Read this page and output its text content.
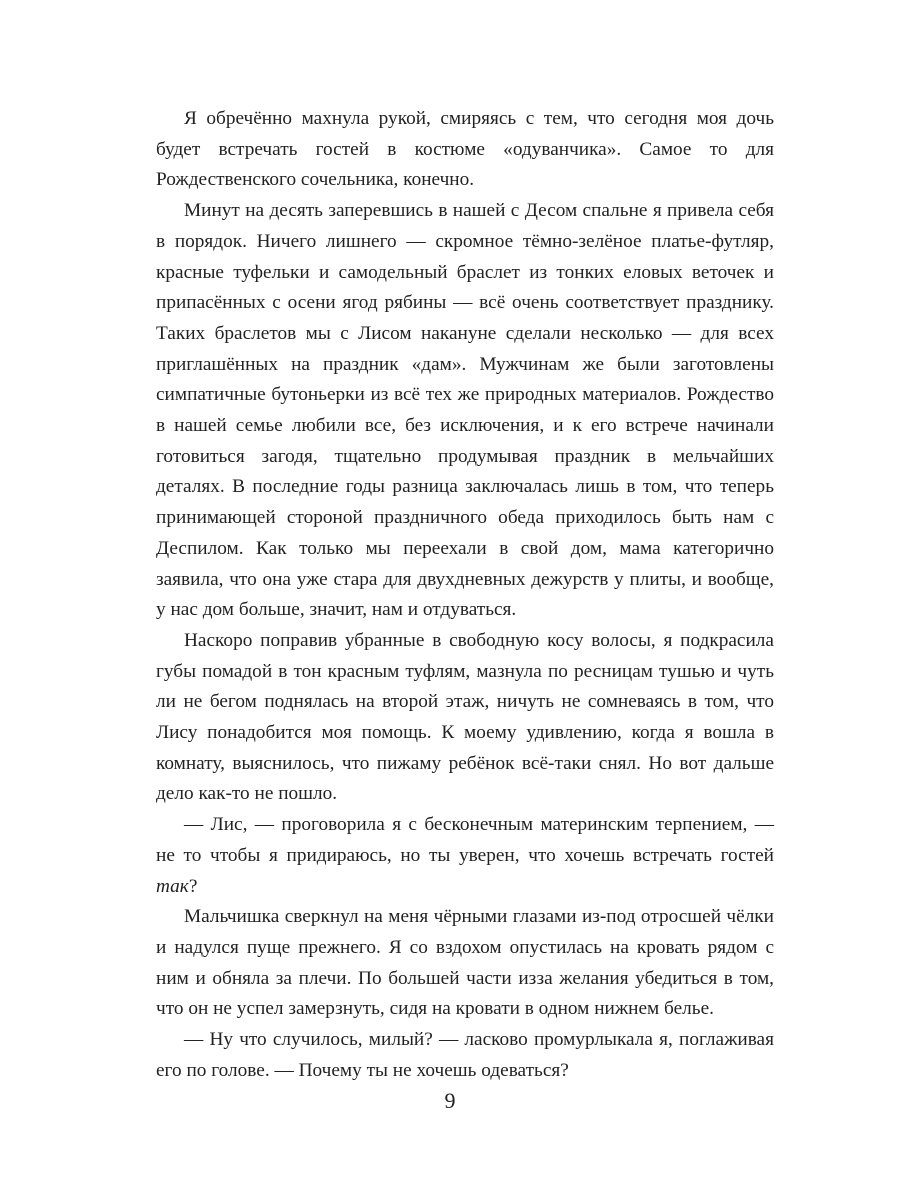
Я обречённо махнула рукой, смиряясь с тем, что сегодня моя дочь будет встречать гостей в костюме «одуванчика». Самое то для Рождественского сочельника, конечно.

Минут на десять заперевшись в нашей с Десом спальне я привела себя в порядок. Ничего лишнего — скромное тёмно-зелёное платье-футляр, красные туфельки и самодельный браслет из тонких еловых веточек и припасённых с осени ягод рябины — всё очень соответствует празднику. Таких браслетов мы с Лисом накануне сделали несколько — для всех приглашённых на праздник «дам». Мужчинам же были заготовлены симпатичные бутоньерки из всё тех же природных материалов. Рождество в нашей семье любили все, без исключения, и к его встрече начинали готовиться загодя, тщательно продумывая праздник в мельчайших деталях. В последние годы разница заключалась лишь в том, что теперь принимающей стороной праздничного обеда приходилось быть нам с Деспилом. Как только мы переехали в свой дом, мама категорично заявила, что она уже стара для двухдневных дежурств у плиты, и вообще, у нас дом больше, значит, нам и отдуваться.

Наскоро поправив убранные в свободную косу волосы, я подкрасила губы помадой в тон красным туфлям, мазнула по ресницам тушью и чуть ли не бегом поднялась на второй этаж, ничуть не сомневаясь в том, что Лису понадобится моя помощь. К моему удивлению, когда я вошла в комнату, выяснилось, что пижаму ребёнок всё-таки снял. Но вот дальше дело как-то не пошло.

— Лис, — проговорила я с бесконечным материнским терпением, — не то чтобы я придираюсь, но ты уверен, что хочешь встречать гостей так?

Мальчишка сверкнул на меня чёрными глазами из-под отросшей чёлки и надулся пуще прежнего. Я со вздохом опустилась на кровать рядом с ним и обняла за плечи. По большей части изза желания убедиться в том, что он не успел замерзнуть, сидя на кровати в одном нижнем белье.

— Ну что случилось, милый? — ласково промурлыкала я, поглаживая его по голове. — Почему ты не хочешь одеваться?

9
